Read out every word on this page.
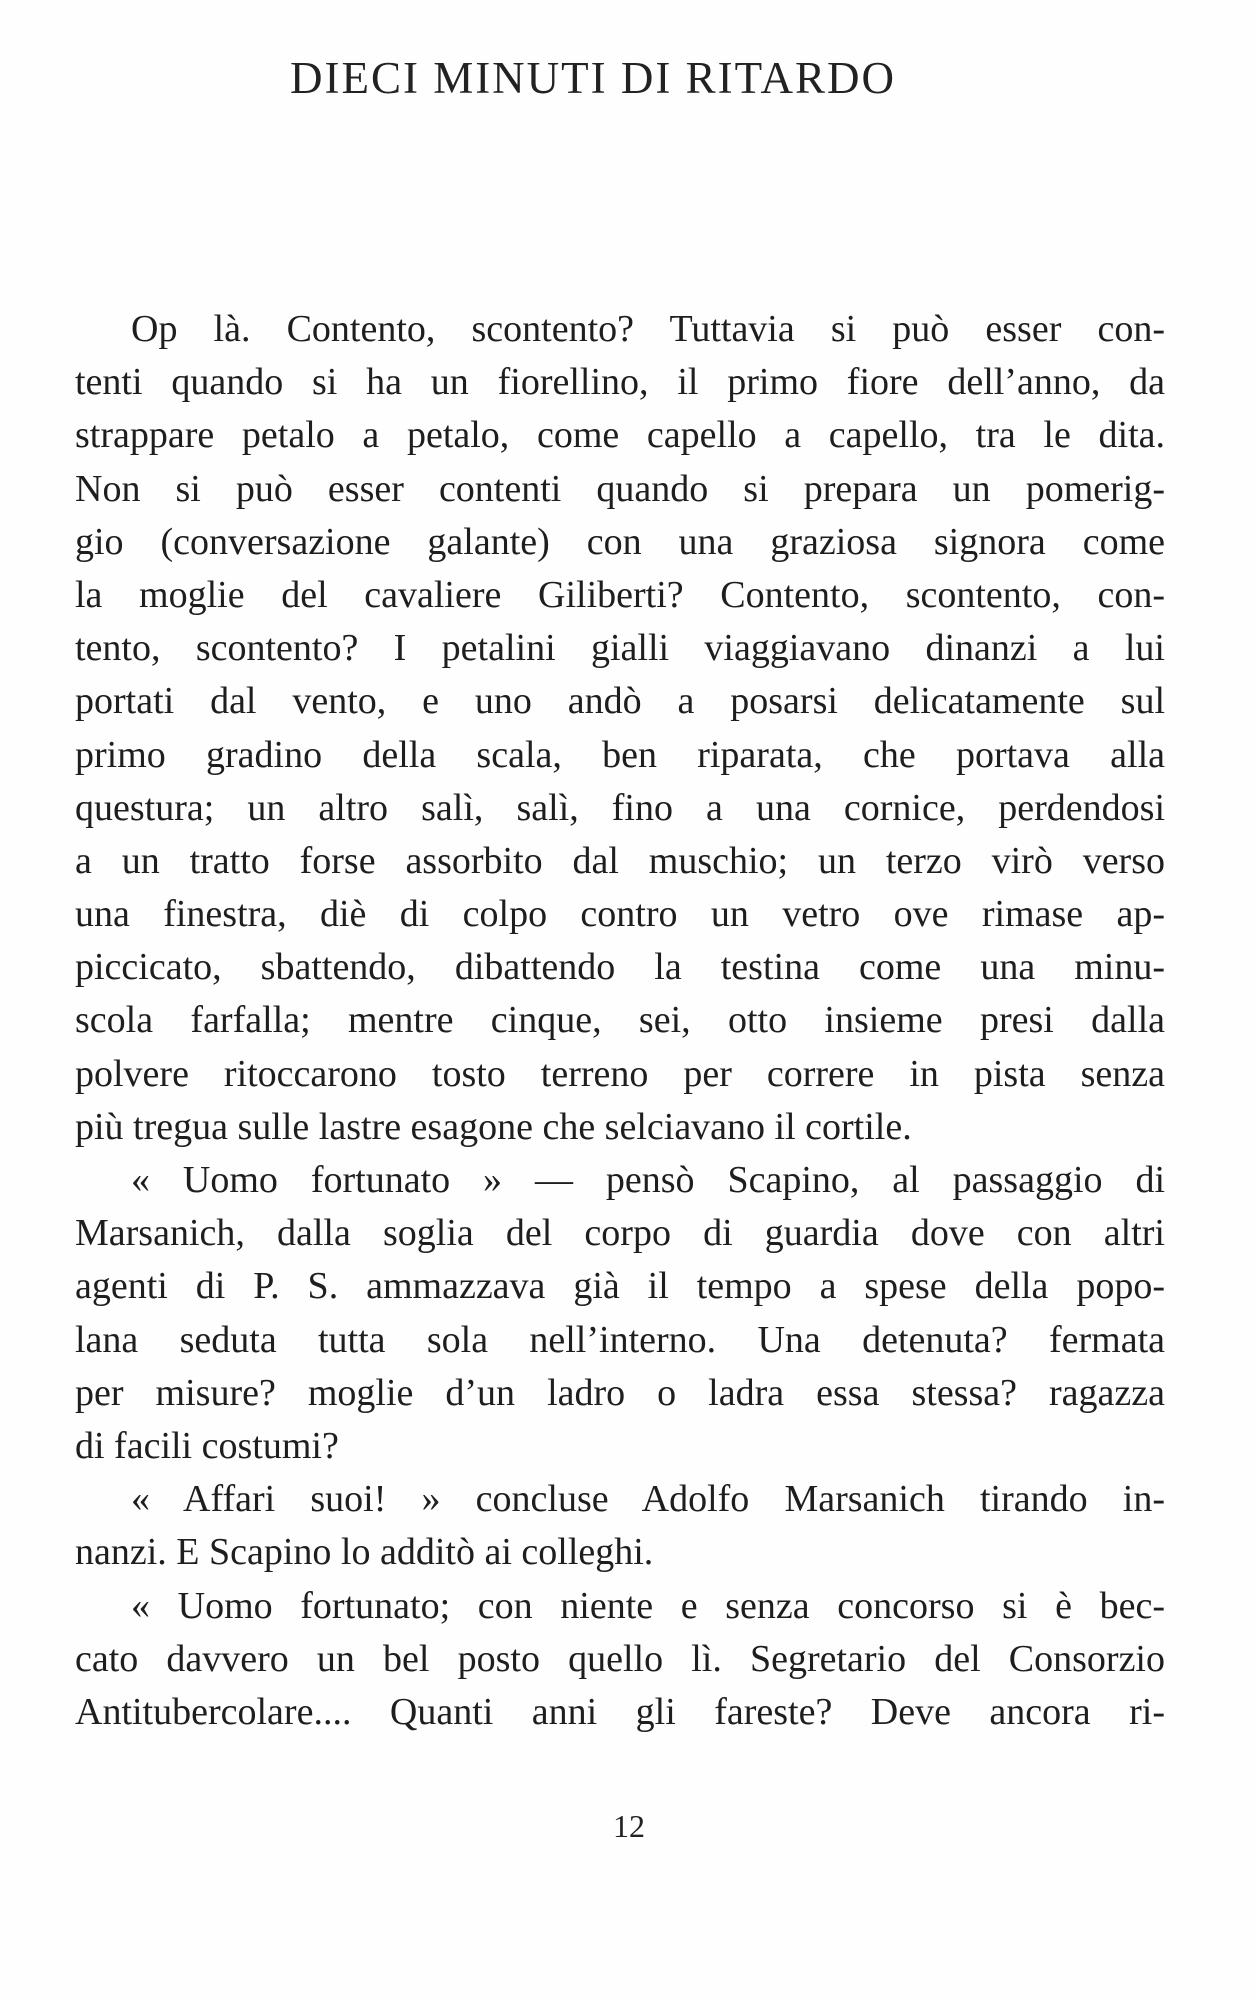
DIECI MINUTI DI RITARDO
Op là. Contento, scontento? Tuttavia si può esser con-
tenti quando si ha un fiorellino, il primo fiore dell’anno, da
strappare petalo a petalo, come capello a capello, tra le dita.
Non si può esser contenti quando si prepara un pomerig-
gio (conversazione galante) con una graziosa signora come
la moglie del cavaliere Giliberti? Contento, scontento, con-
tento, scontento? I petalini gialli viaggiavano dinanzi a lui
portati dal vento, e uno andò a posarsi delicatamente sul
primo gradino della scala, ben riparata, che portava alla
questura; un altro salì, salì, fino a una cornice, perdendosi
a un tratto forse assorbito dal muschio; un terzo virò verso
una finestra, diè di colpo contro un vetro ove rimase ap-
piccicato, sbattendo, dibattendo la testina come una minu-
scola farfalla; mentre cinque, sei, otto insieme presi dalla
polvere ritoccarono tosto terreno per correre in pista senza
più tregua sulle lastre esagone che selciavano il cortile.
« Uomo fortunato » — pensò Scapino, al passaggio di
Marsanich, dalla soglia del corpo di guardia dove con altri
agenti di P. S. ammazzava già il tempo a spese della popo-
lana seduta tutta sola nell’interno. Una detenuta? fermata
per misure? moglie d’un ladro o ladra essa stessa? ragazza
di facili costumi?
« Affari suoi! » concluse Adolfo Marsanich tirando in-
nanzi. E Scapino lo additò ai colleghi.
« Uomo fortunato; con niente e senza concorso si è bec-
cato davvero un bel posto quello lì. Segretario del Consorzio
Antitubercolare.... Quanti anni gli fareste? Deve ancora ri-
12
